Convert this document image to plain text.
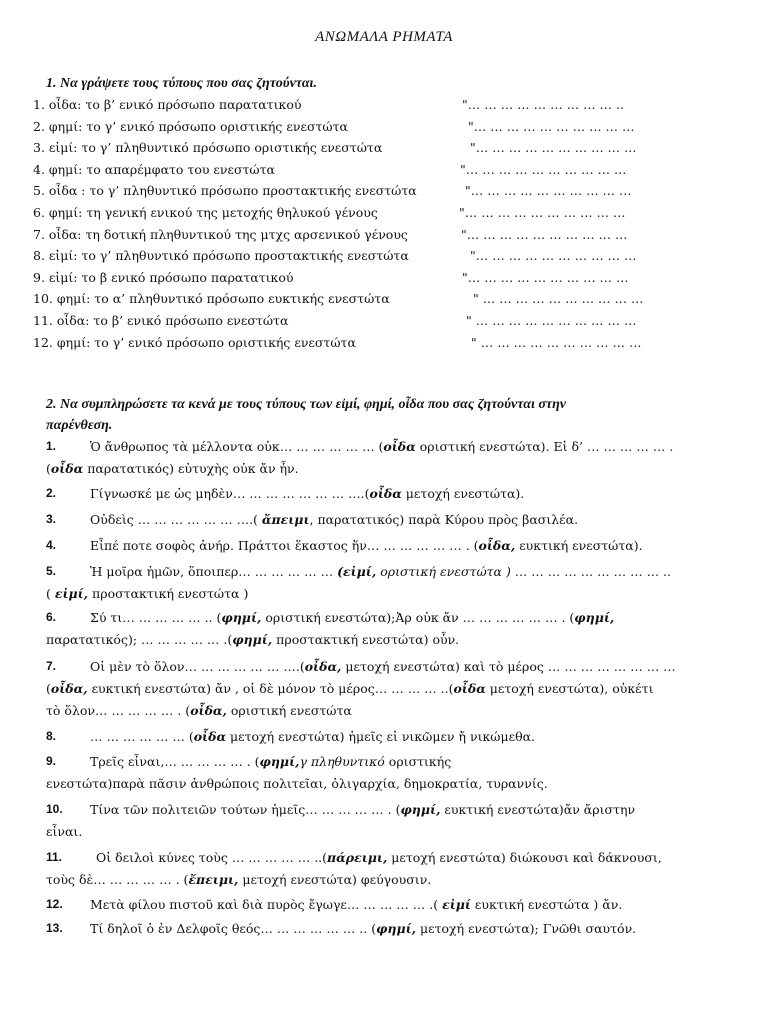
ΑΝΩΜΑΛΑ ΡΗΜΑΤΑ
1. Να γράψετε τους τύπους που σας ζητούνται.
1. οἶδα: το β’ ενικό πρόσωπο παρατατικού	"… … … … … … … … … ..
2. φημί: το γ’ ενικό πρόσωπο οριστικής ενεστώτα	"… … … … … … … … … …
3. εἰμί: το γ’ πληθυντικό πρόσωπο οριστικής ενεστώτα	"… … … … … … … … … …
4. φημί: το απαρέμφατο του ενεστώτα	"… … … … … … … … … …
5. οἶδα : το γ’ πληθυντικό πρόσωπο προστακτικής ενεστώτα	"… … … … … … … … … …
6. φημί: τη γενική ενικού της μετοχής θηλυκού γένους	"… … … … … … … … … …
7. οἶδα: τη δοτική πληθυντικού της μτχς αρσενικού γένους	"… … … … … … … … … …
8. εἰμί: το γ’ πληθυντικό πρόσωπο προστακτικής ενεστώτα	"… … … … … … … … … …
9. εἰμί: το β ενικό πρόσωπο παρατατικού	"… … … … … … … … … …
10. φημί: το α’ πληθυντικό πρόσωπο ευκτικής ενεστώτα	" … … … … … … … … … …
11. οἶδα: το β’ ενικό πρόσωπο ενεστώτα	" … … … … … … … … … …
12. φημί: το γ’ ενικό πρόσωπο οριστικής ενεστώτα	" … … … … … … … … … …
2. Να συμπληρώσετε τα κενά με τους τύπους των εἰμί, φημί, οἶδα που σας ζητούνται στην
παρένθεση.
1.	Ὁ ἄνθρωπος τὰ μέλλοντα οὐκ… … … … … … (οἶδα οριστική ενεστώτα). Εἰ δ’ … … … … … .
(οἶδα παρατατικός) εὐτυχὴς οὐκ ἄν ἦν.
2.	Γίγνωσκέ με ὡς μηδὲν… … … … … … … ….(οἶδα μετοχή ενεστώτα).
3.	Οὐδεὶς … … … … … … ….( ἄπειμι, παρατατικός) παρὰ Κύρου πρὸς βασιλέα.
4.	Εἶπέ ποτε σοφὸς ἀνήρ. Πράττοι ἕκαστος ἥν… … … … … … . (οἶδα, ευκτική ενεστώτα).
5.	Ἡ μοῖρα ἡμῶν, ὅποιπερ… … … … … … (εἰμί, οριστική ενεστώτα ) … … … … … … … … … ..
( εἰμί, προστακτική ενεστώτα )
6.	Σύ τι… … … … … .. (φημί, οριστική ενεστώτα);Ἀρ οὐκ ἄν … … … … … … . (φημί,
παρατατικός); … … … … … .(φημί, προστακτική ενεστώτα) οὖν.
7.	Οἱ μὲν τὸ ὅλον… … … … … … ….(οἶδα, μετοχή ενεστώτα) καὶ τὸ μέρος … … … … … … … …
(οἶδα, ευκτική ενεστώτα) ἄν , οἱ δὲ μόνον τὸ μέρος… … … … ..(οἶδα μετοχή ενεστώτα), οὐκέτι
τὸ ὅλον… … … … … . (οἶδα, οριστική ενεστώτα
8.	… … … … … … (οἶδα μετοχή ενεστώτα) ἡμεῖς εἰ νικῶμεν ἤ νικώμεθα.
9.	Τρεῖς εἶναι,… … … … … . (φημί,γ πληθυντικό οριστικής
ενεστώτα)παρὰ πᾶσιν ἀνθρώποις πολιτεῖαι, ὀλιγαρχία, δημοκρατία, τυραννίς.
10. Τίνα τῶν πολιτειῶν τούτων ἡμεῖς… … … … … . (φημί, ευκτική ενεστώτα)ἄν ἄριστην
εἶναι.
11.	Οἱ δειλοὶ κύνες τοὺς … … … … … ..(πάρειμι, μετοχή ενεστώτα) διώκουσι καὶ δάκνουσι,
τοὺς δὲ… … … … … . (ἔπειμι, μετοχή ενεστώτα) φεύγουσιν.
12. Μετὰ φίλου πιστοῦ καὶ διὰ πυρὸς ἔγωγε… … … … … .( εἰμί ευκτική ενεστώτα ) ἄν.
13. Τί δηλοῖ ὁ ἐν Δελφοῖς θεός… … … … … … .. (φημί, μετοχή ενεστώτα); Γνῶθι σαυτόν.
